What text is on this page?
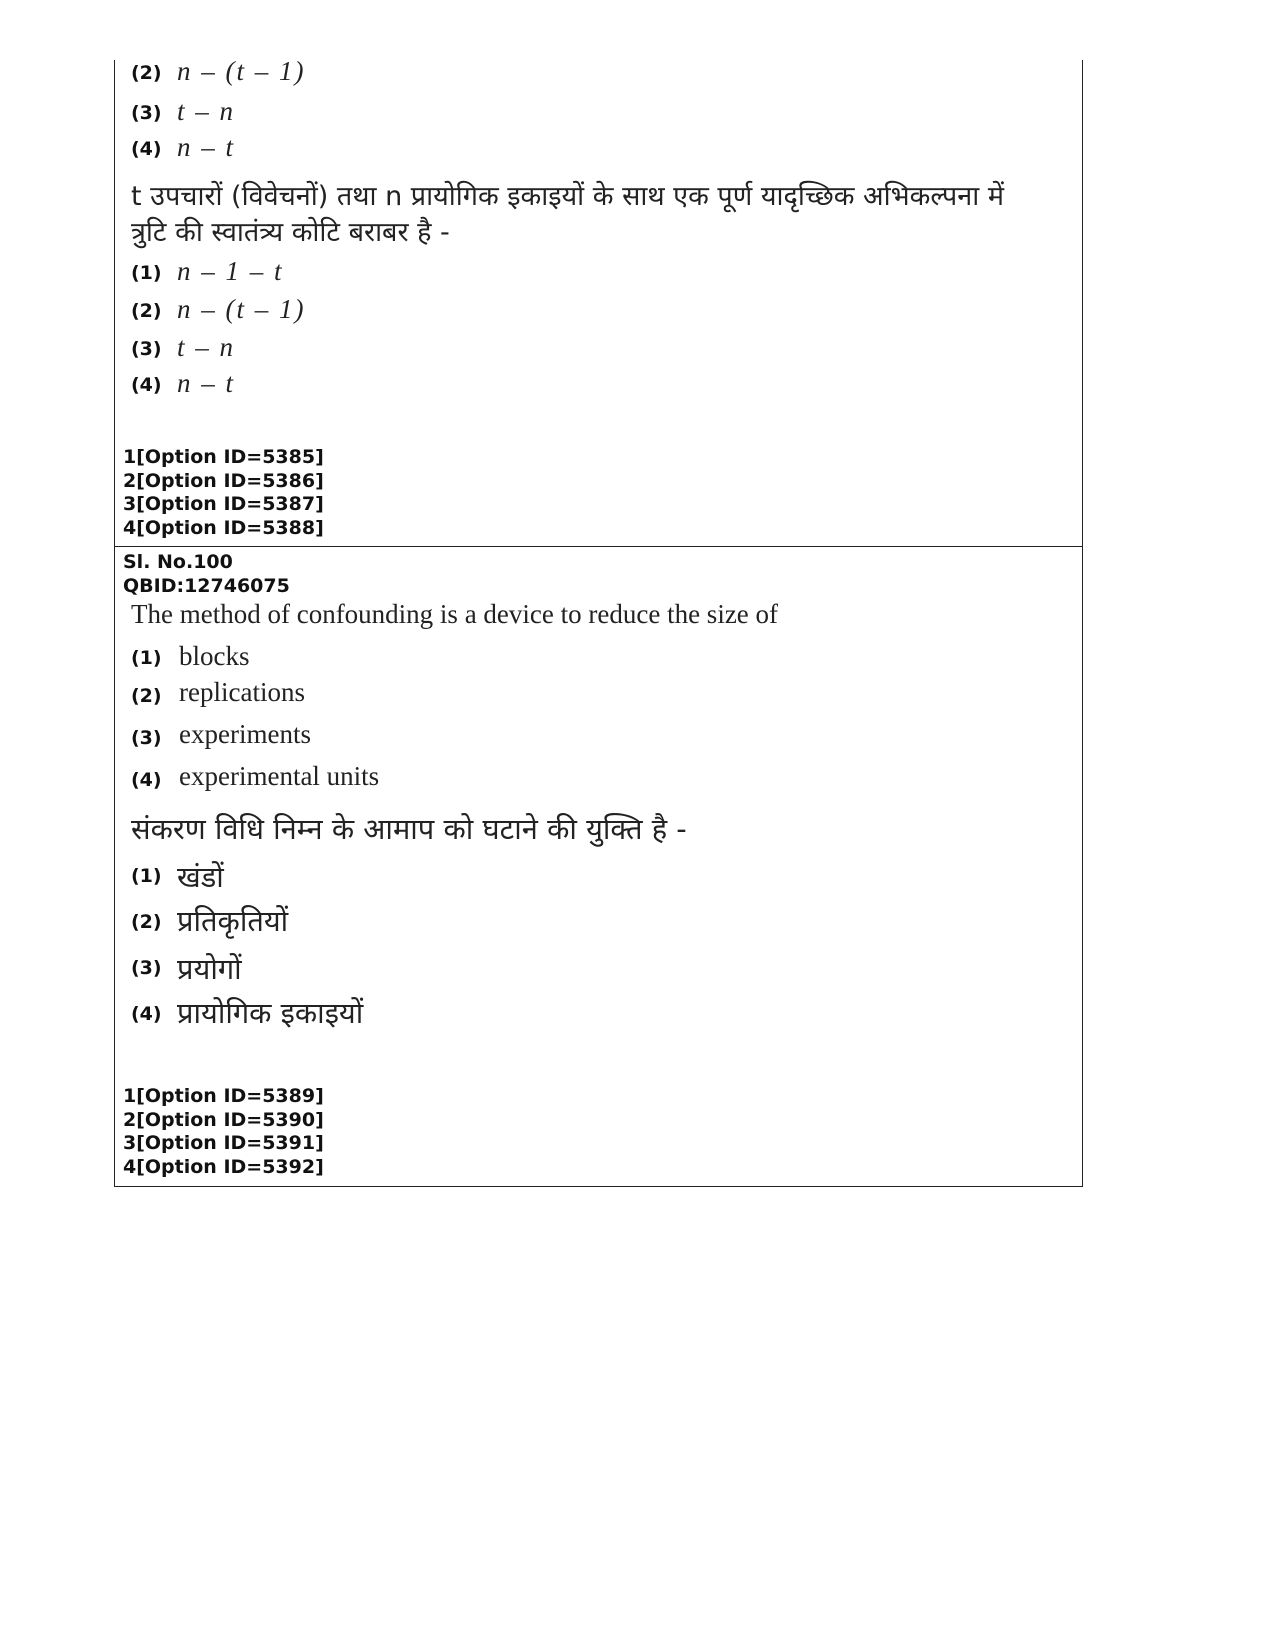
(2) n – (t – 1)
(3) t – n
(4) n – t
t उपचारों (विवेचनों) तथा n प्रायोगिक इकाइयों के साथ एक पूर्ण यादृच्छिक अभिकल्पना में
त्रुटि की स्वातंत्र्य कोटि बराबर है -
(1) n – 1 – t
(2) n – (t – 1)
(3) t – n
(4) n – t
1[Option ID=5385]
2[Option ID=5386]
3[Option ID=5387]
4[Option ID=5388]
Sl. No.100
QBID:12746075
The method of confounding is a device to reduce the size of
(1) blocks
(2) replications
(3) experiments
(4) experimental units
संकरण विधि निम्न के आमाप को घटाने की युक्ति है -
(1) खंडों
(2) प्रतिकृतियों
(3) प्रयोगों
(4) प्रायोगिक इकाइयों
1[Option ID=5389]
2[Option ID=5390]
3[Option ID=5391]
4[Option ID=5392]
